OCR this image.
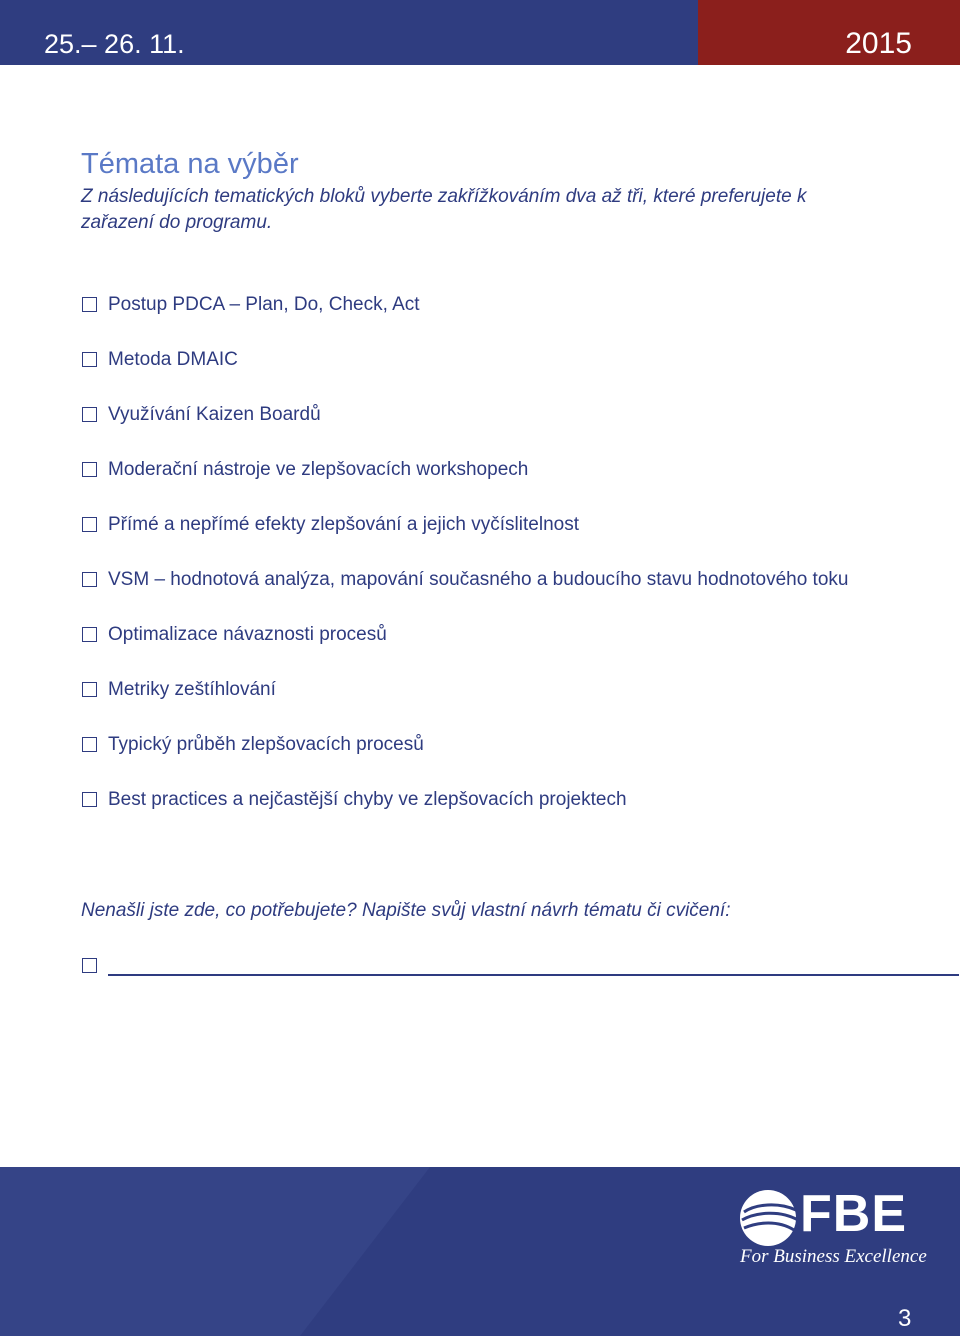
25.– 26. 11.	2015
Témata na výběr
Z následujících tematických bloků vyberte zakřížkováním dva až tři, které preferujete k zařazení do programu.
Postup PDCA – Plan, Do, Check, Act
Metoda DMAIC
Využívání Kaizen Boardů
Moderační nástroje ve zlepšovacích workshopech
Přímé a nepřímé efekty zlepšování a jejich vyčíslitelnost
VSM – hodnotová analýza, mapování současného a budoucího stavu hodnotového toku
Optimalizace návaznosti procesů
Metriky zeštíhlování
Typický průběh zlepšovacích procesů
Best practices a nejčastější chyby ve zlepšovacích projektech
Nenašli jste zde, co potřebujete? Napište svůj vlastní návrh tématu či cvičení:
FBE
For Business Excellence
3
